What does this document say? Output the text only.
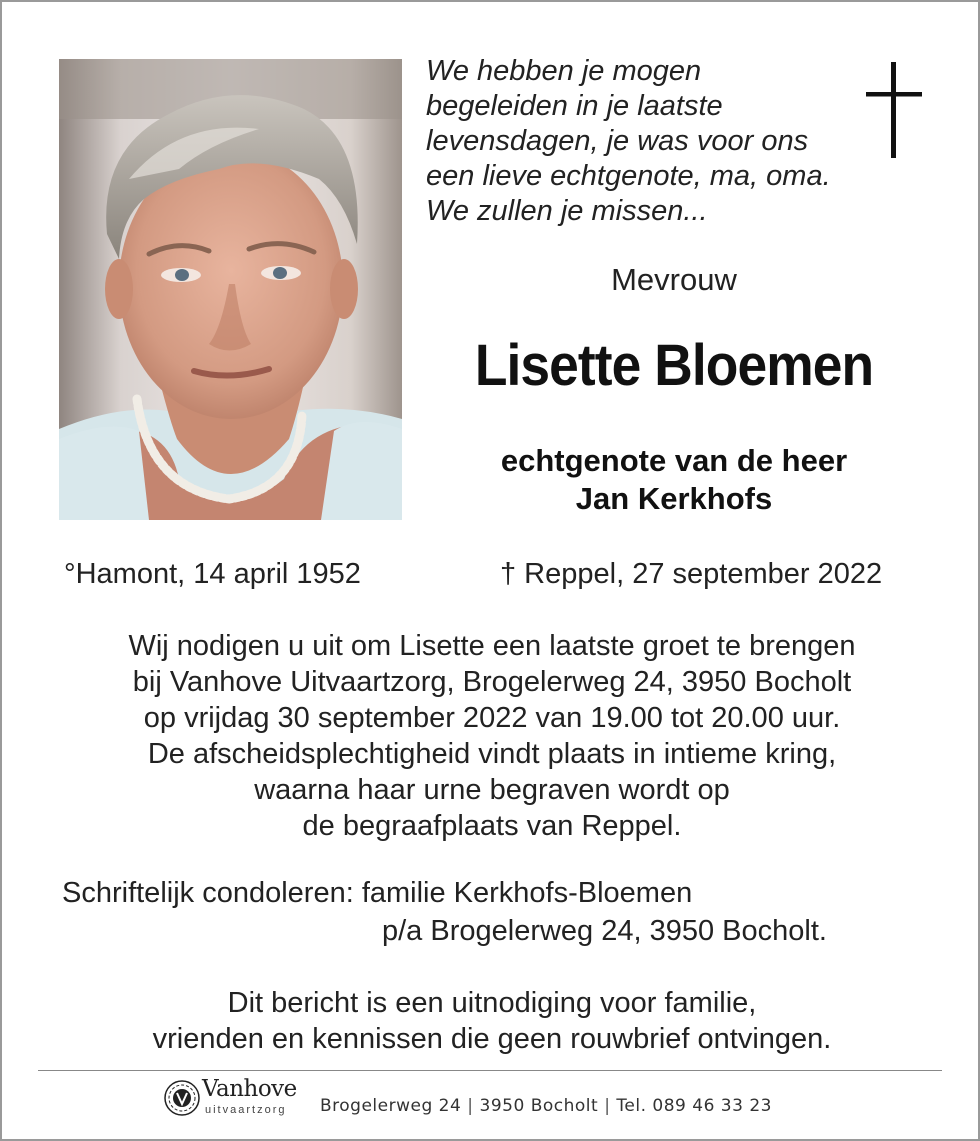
We hebben je mogen
begeleiden in je laatste
levensdagen, je was voor ons
een lieve echtgenote, ma, oma.
We zullen je missen...
Mevrouw
Lisette Bloemen
echtgenote van de heer
Jan Kerkhofs
°Hamont, 14 april 1952	† Reppel, 27 september 2022
Wij nodigen u uit om Lisette een laatste groet te brengen
bij Vanhove Uitvaartzorg, Brogelerweg 24, 3950 Bocholt
op vrijdag 30 september 2022 van 19.00 tot 20.00 uur.
De afscheidsplechtigheid vindt plaats in intieme kring,
waarna haar urne begraven wordt op
de begraafplaats van Reppel.
Schriftelijk condoleren: familie Kerkhofs-Bloemen
p/a Brogelerweg 24, 3950 Bocholt.
Dit bericht is een uitnodiging voor familie,
vrienden en kennissen die geen rouwbrief ontvingen.
Vanhove
uitvaartzorg Brogelerweg 24 | 3950 Bocholt | Tel. 089 46 33 23
